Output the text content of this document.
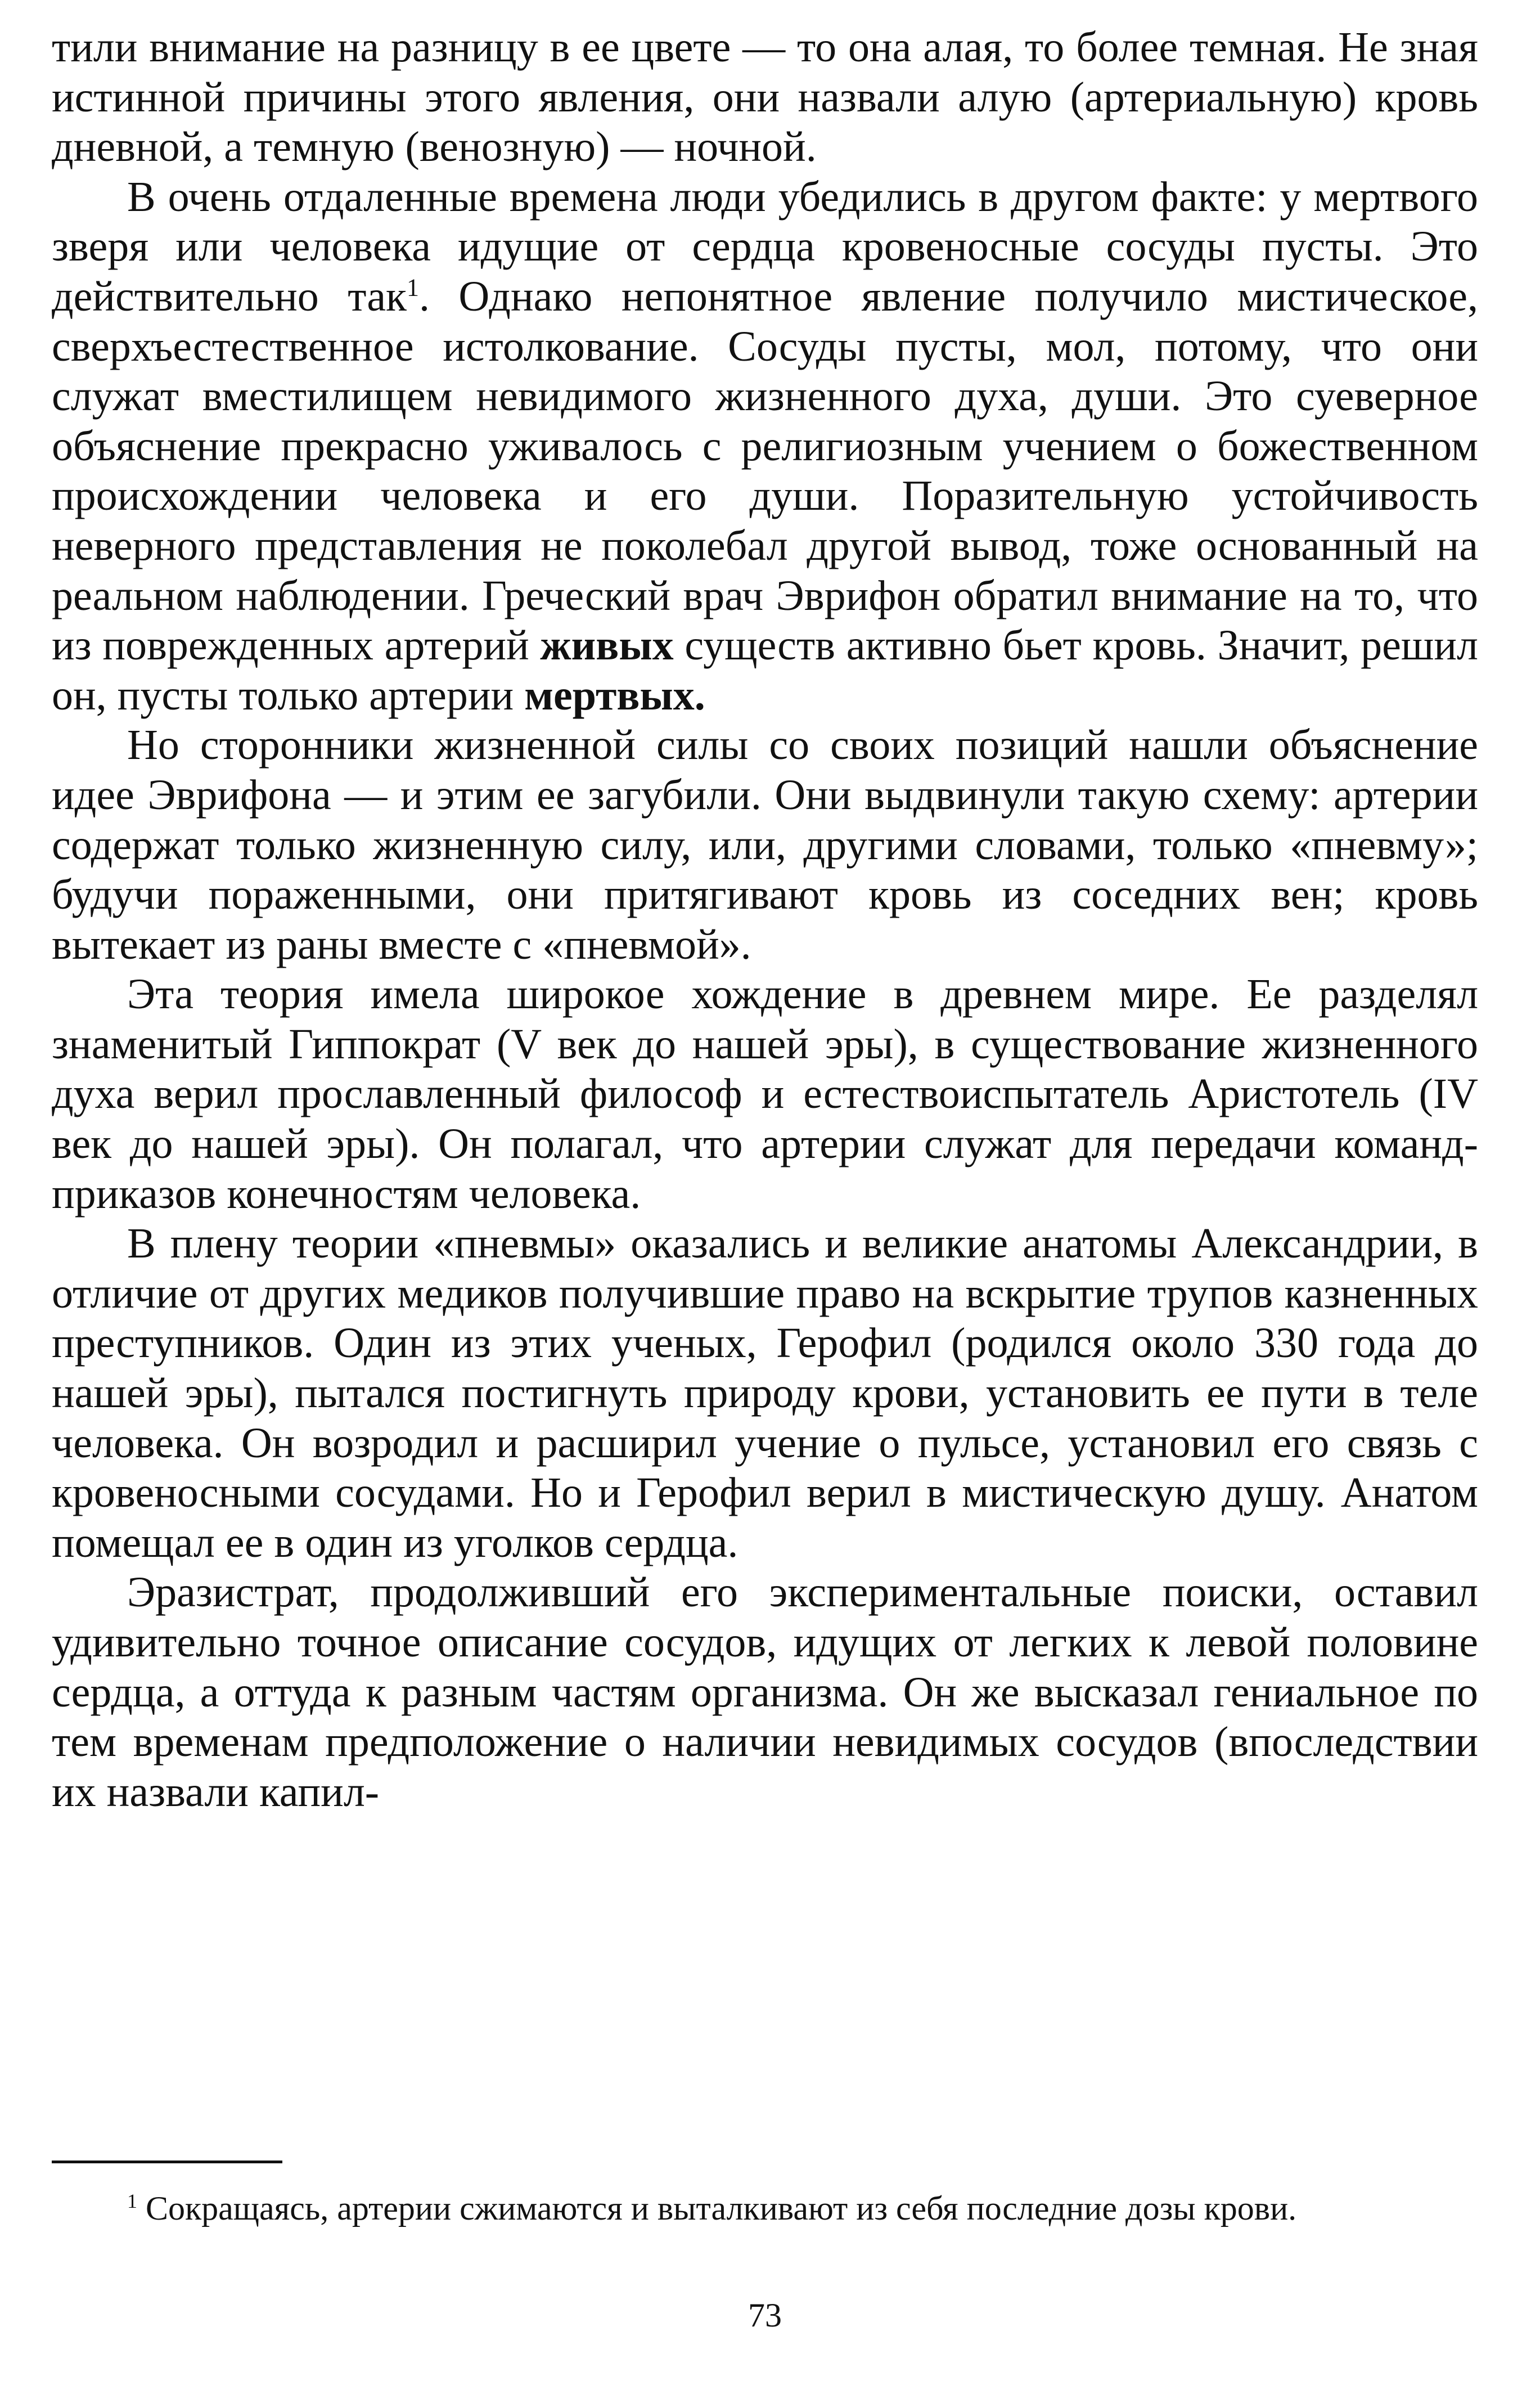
тили внимание на разницу в ее цвете — то она алая, то более темная. Не зная истинной причины этого явления, они назвали алую (артериальную) кровь дневной, а темную (венозную) — ночной.

В очень отдаленные времена люди убедились в другом факте: у мертвого зверя или человека идущие от сердца кровеносные сосуды пусты. Это действительно так$^1$. Однако непонятное явление получило мистическое, сверхъестественное истолкование. Сосуды пусты, мол, потому, что они служат вместилищем невидимого жизненного духа, души. Это суеверное объяснение прекрасно уживалось с религиозным учением о божественном происхождении человека и его души. Поразительную устойчивость неверного представления не поколебал другой вывод, тоже основанный на реальном наблюдении. Греческий врач Эврифон обратил внимание на то, что из поврежденных артерий живых существ активно бьет кровь. Значит, решил он, пусты только артерии мертвых.

Но сторонники жизненной силы со своих позиций нашли объяснение идее Эврифона — и этим ее загубили. Они выдвинули такую схему: артерии содержат только жизненную силу, или, другими словами, только «пневму»; будучи пораженными, они притягивают кровь из соседних вен; кровь вытекает из раны вместе с «пневмой».

Эта теория имела широкое хождение в древнем мире. Ее разделял знаменитый Гиппократ (V век до нашей эры), в существование жизненного духа верил прославленный философ и естествоиспытатель Аристотель (IV век до нашей эры). Он полагал, что артерии служат для передачи команд-приказов конечностям человека.

В плену теории «пневмы» оказались и великие анатомы Александрии, в отличие от других медиков получившие право на вскрытие трупов казненных преступников. Один из этих ученых, Герофил (родился около 330 года до нашей эры), пытался постигнуть природу крови, установить ее пути в теле человека. Он возродил и расширил учение о пульсе, установил его связь с кровеносными сосудами. Но и Герофил верил в мистическую душу. Анатом помещал ее в один из уголков сердца.

Эразистрат, продолживший его экспериментальные поиски, оставил удивительно точное описание сосудов, идущих от легких к левой половине сердца, а оттуда к разным частям организма. Он же высказал гениальное по тем временам предположение о наличии невидимых сосудов (впоследствии их назвали капил-

$^1$ Сокращаясь, артерии сжимаются и выталкивают из себя последние дозы крови.

73
